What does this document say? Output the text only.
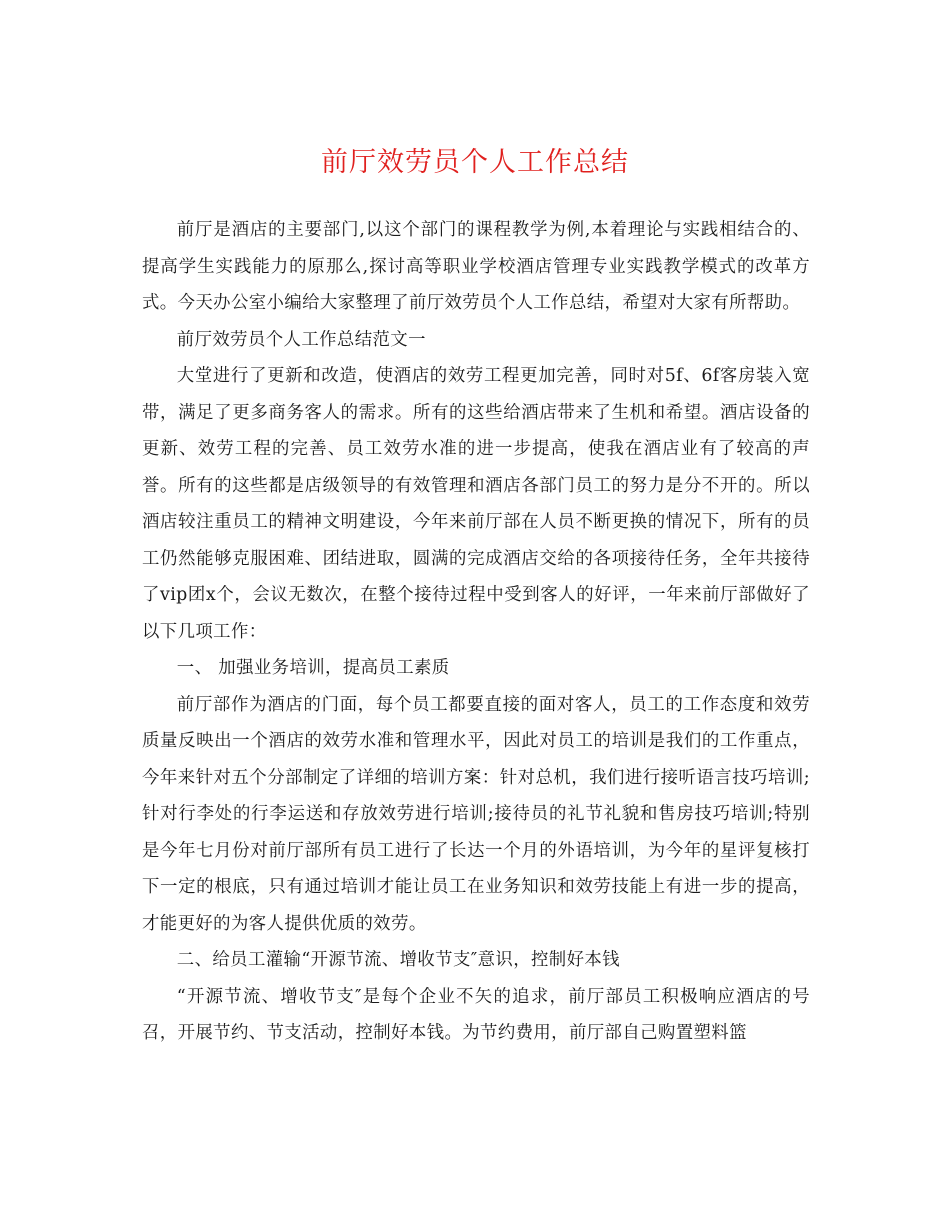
前厅效劳员个人工作总结

前厅是酒店的主要部门,以这个部门的课程教学为例,本着理论与实践相结合的、提高学生实践能力的原那么,探讨高等职业学校酒店管理专业实践教学模式的改革方式。今天办公室小编给大家整理了前厅效劳员个人工作总结，希望对大家有所帮助。

前厅效劳员个人工作总结范文一

大堂进行了更新和改造，使酒店的效劳工程更加完善，同时对5f、6f客房装入宽带，满足了更多商务客人的需求。所有的这些给酒店带来了生机和希望。酒店设备的更新、效劳工程的完善、员工效劳水准的进一步提高，使我在酒店业有了较高的声誉。所有的这些都是店级领导的有效管理和酒店各部门员工的努力是分不开的。所以酒店较注重员工的精神文明建设，今年来前厅部在人员不断更换的情况下，所有的员工仍然能够克服困难、团结进取，圆满的完成酒店交给的各项接待任务，全年共接待了vip团x个，会议无数次，在整个接待过程中受到客人的好评，一年来前厅部做好了以下几项工作：

一、 加强业务培训，提高员工素质

前厅部作为酒店的门面，每个员工都要直接的面对客人，员工的工作态度和效劳质量反映出一个酒店的效劳水准和管理水平，因此对员工的培训是我们的工作重点，今年来针对五个分部制定了详细的培训方案：针对总机，我们进行接听语言技巧培训;针对行李处的行李运送和存放效劳进行培训;接待员的礼节礼貌和售房技巧培训;特别是今年七月份对前厅部所有员工进行了长达一个月的外语培训，为今年的星评复核打下一定的根底，只有通过培训才能让员工在业务知识和效劳技能上有进一步的提高，才能更好的为客人提供优质的效劳。

二、给员工灌输“开源节流、增收节支″意识，控制好本钱

“开源节流、增收节支″是每个企业不矢的追求，前厅部员工积极响应酒店的号召，开展节约、节支活动，控制好本钱。为节约费用，前厅部自己购置塑料篮
